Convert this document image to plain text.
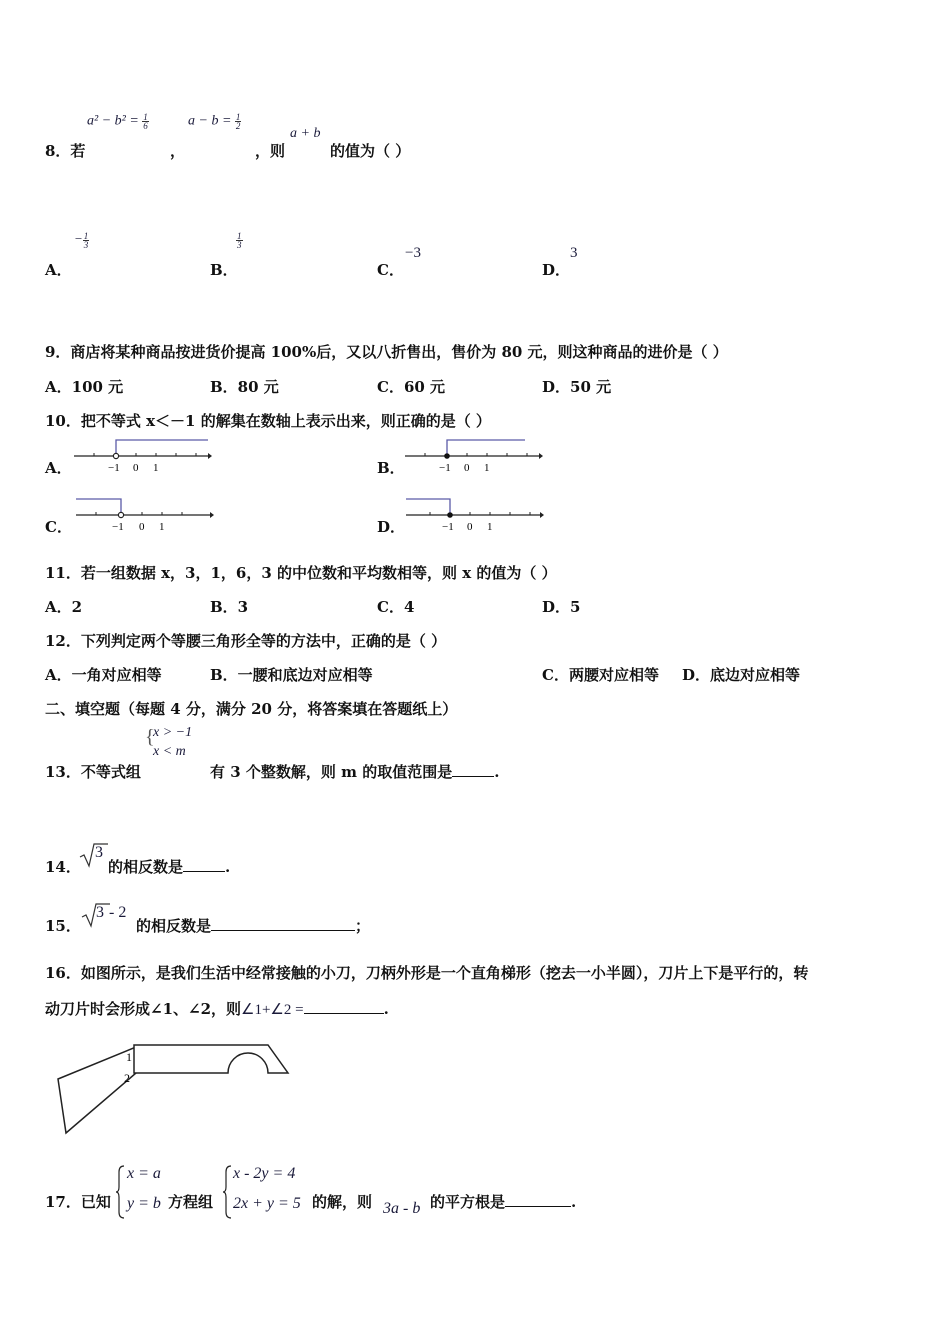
$a^2 - b^2 = \frac{1}{6}$	$a - b = \frac{1}{2}$
8．若	，	，则
a + b
的值为（ ）
A．
− $\frac{1}{3}$
B．
$\frac{1}{3}$
C．
−3
D．
3
9．商店将某种商品按进货价提高 100%后，又以八折售出，售价为 80 元，则这种商品的进价是（ ）
A．100 元	B．80 元	C．60 元	D．50 元
10．把不等式 x＜－1 的解集在数轴上表示出来，则正确的是（ ）
A．	−1 0 1	B．	−1 0 1
C．	−1 0 1	D．	−1 0 1
11．若一组数据 x，3，1，6，3 的中位数和平均数相等，则 x 的值为（ ）
A．2	B．3	C．4	D．5
12．下列判定两个等腰三角形全等的方法中，正确的是（ ）
A．一角对应相等	B．一腰和底边对应相等	C．两腰对应相等 D．底边对应相等
二、填空题（每题 4 分，满分 20 分，将答案填在答题纸上）
{
x > −1
x < m
13．不等式组	有 3 个整数解，则 m 的取值范围是	.
14．
3
的相反数是	.
15．
3 - 2
的相反数是	；
16．如图所示，是我们生活中经常接触的小刀，刀柄外形是一个直角梯形（挖去一小半圆），刀片上下是平行的，转
动刀片时会形成∠1、∠2，则∠1+∠2 =	.
1
2
17．已知
x = a
y = b 方程组
x - 2y = 4
2x + y = 5 的解，则 3a - b 的平方根是	.
